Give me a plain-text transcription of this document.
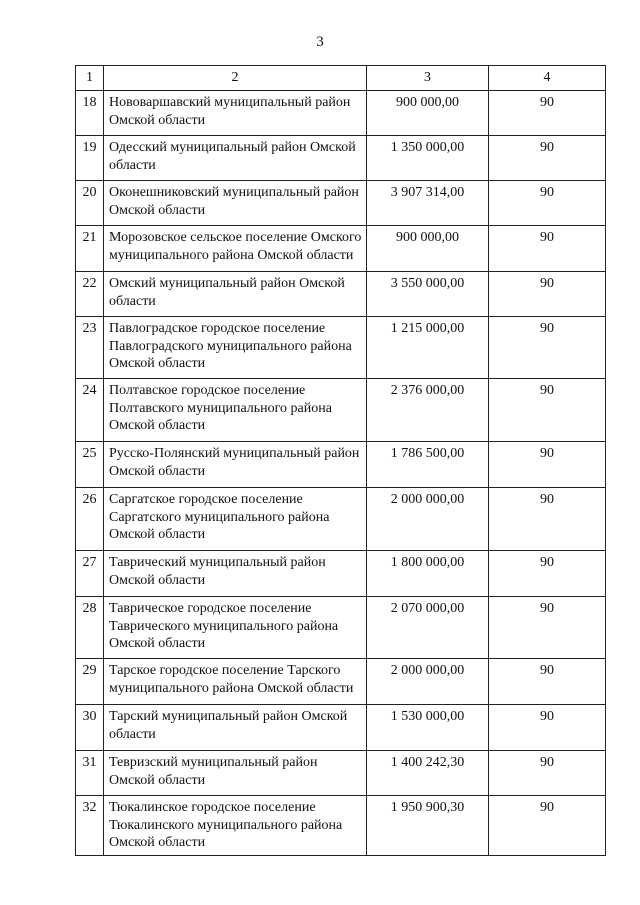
3
1	2	3	4
18	Нововаршавский муниципальный район
Омской области	900 000,00	90
19	Одесский муниципальный район Омской
области	1 350 000,00	90
20	Оконешниковский муниципальный район
Омской области	3 907 314,00	90
21	Морозовское сельское поселение Омского
муниципального района Омской области	900 000,00	90
22	Омский муниципальный район Омской
области	3 550 000,00	90
23	Павлоградское городское поселение
Павлоградского муниципального района
Омской области	1 215 000,00	90
24	Полтавское городское поселение
Полтавского муниципального района
Омской области	2 376 000,00	90
25	Русско-Полянский муниципальный район
Омской области	1 786 500,00	90
26	Саргатское городское поселение
Саргатского муниципального района
Омской области	2 000 000,00	90
27	Таврический муниципальный район
Омской области	1 800 000,00	90
28	Таврическое городское поселение
Таврического муниципального района
Омской области	2 070 000,00	90
29	Тарское городское поселение Тарского
муниципального района Омской области	2 000 000,00	90
30	Тарский муниципальный район Омской
области	1 530 000,00	90
31	Тевризский муниципальный район
Омской области	1 400 242,30	90
32	Тюкалинское городское поселение
Тюкалинского муниципального района
Омской области	1 950 900,30	90
